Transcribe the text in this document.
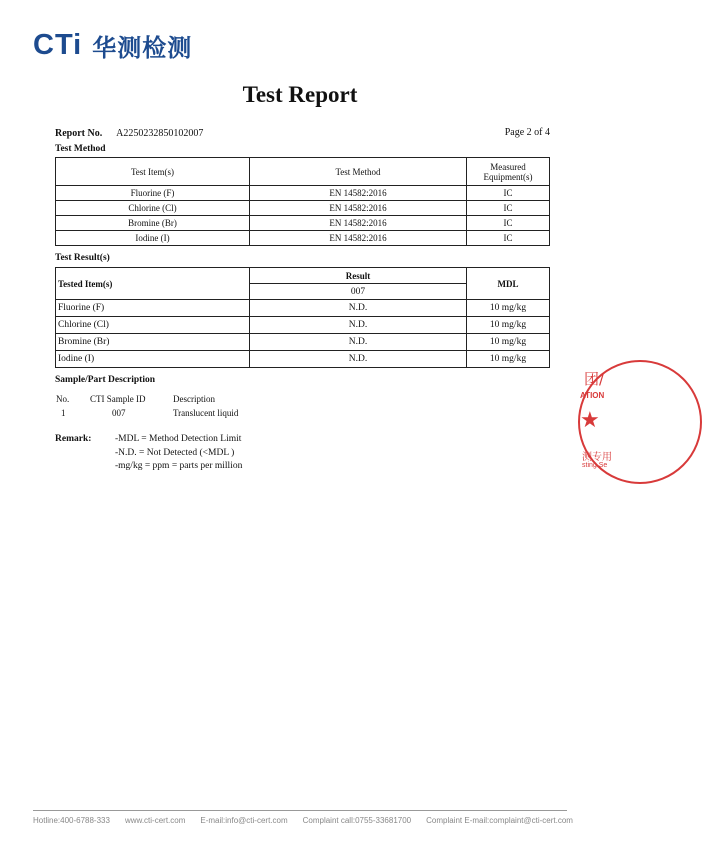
CTi 华测检测
Test Report
Report No. A2250232850102007	Page 2 of 4
Test Method
Test Item(s)	Test Method	Measured Equipment(s)
Fluorine (F)	EN 14582:2016	IC
Chlorine (Cl)	EN 14582:2016	IC
Bromine (Br)	EN 14582:2016	IC
Iodine (I)	EN 14582:2016	IC
Test Result(s)
Tested Item(s)	Result	MDL
	007	
Fluorine (F)	N.D.	10 mg/kg
Chlorine (Cl)	N.D.	10 mg/kg
Bromine (Br)	N.D.	10 mg/kg
Iodine (I)	N.D.	10 mg/kg
Sample/Part Description
No.	CTI Sample ID	Description
1	007	Translucent liquid
Remark: -MDL = Method Detection Limit
-N.D. = Not Detected (<MDL )
-mg/kg = ppm = parts per million
团/
ATION
★
测专用
sting Se
Hotline:400-6788-333 www.cti-cert.com E-mail:info@cti-cert.com Complaint call:0755-33681700 Complaint E-mail:complaint@cti-cert.com
